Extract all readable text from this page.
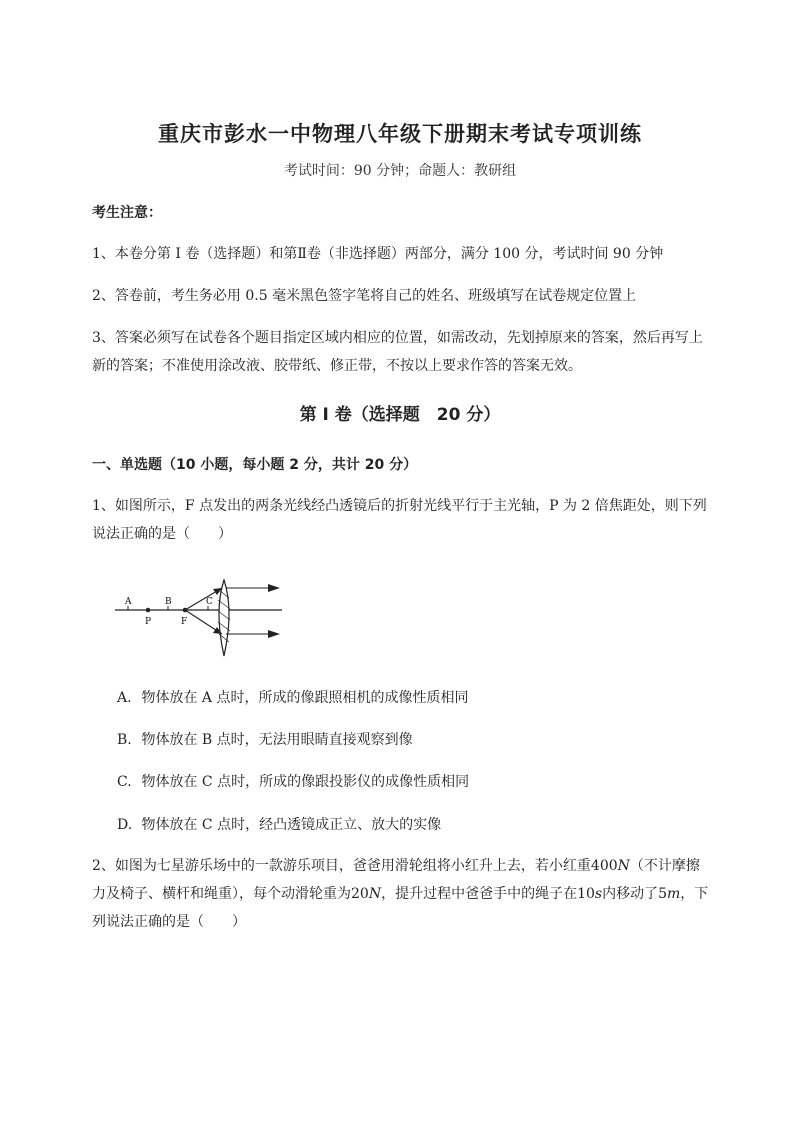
重庆市彭水一中物理八年级下册期末考试专项训练
考试时间：90 分钟；命题人：教研组
考生注意：
1、本卷分第 I 卷（选择题）和第Ⅱ卷（非选择题）两部分，满分 100 分，考试时间 90 分钟
2、答卷前，考生务必用 0.5 毫米黑色签字笔将自己的姓名、班级填写在试卷规定位置上
3、答案必须写在试卷各个题目指定区域内相应的位置，如需改动，先划掉原来的答案，然后再写上新的答案；不准使用涂改液、胶带纸、修正带，不按以上要求作答的答案无效。
第 I 卷（选择题　20 分）
一、单选题（10 小题，每小题 2 分，共计 20 分）
1、如图所示，F 点发出的两条光线经凸透镜后的折射光线平行于主光轴，P 为 2 倍焦距处，则下列说法正确的是（　　）
A	B	C
P	F
A. 物体放在 A 点时，所成的像跟照相机的成像性质相同
B. 物体放在 B 点时，无法用眼睛直接观察到像
C. 物体放在 C 点时，所成的像跟投影仪的成像性质相同
D. 物体放在 C 点时，经凸透镜成正立、放大的实像
2、如图为七星游乐场中的一款游乐项目，爸爸用滑轮组将小红升上去，若小红重400N（不计摩擦力及椅子、横杆和绳重），每个动滑轮重为20N，提升过程中爸爸手中的绳子在10s内移动了5m，下列说法正确的是（　　）
